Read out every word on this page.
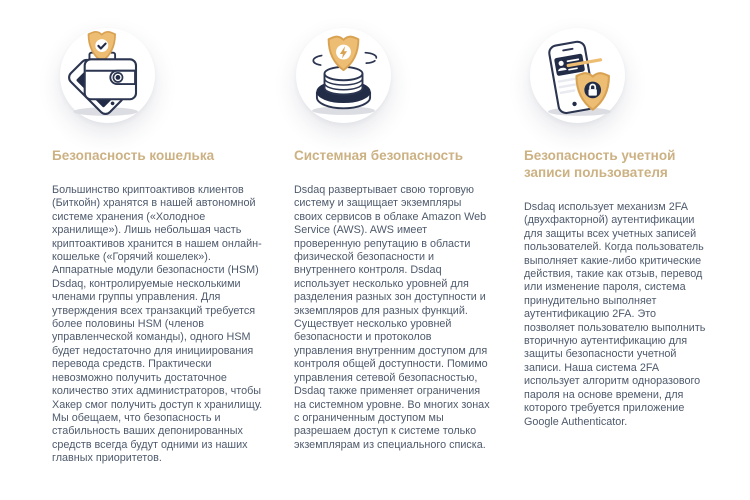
Безопасность кошелька

Большинство криптоактивов клиентов (Биткойн) хранятся в нашей автономной системе хранения («Холодное хранилище»). Лишь небольшая часть криптоактивов хранится в нашем онлайн-кошельке («Горячий кошелек»). Аппаратные модули безопасности (HSM) Dsdaq, контролируемые несколькими членами группы управления. Для утверждения всех транзакций требуется более половины HSM (членов управленческой команды), одного HSM будет недостаточно для инициирования перевода средств. Практически невозможно получить достаточное количество этих администраторов, чтобы Хакер смог получить доступ к хранилищу. Мы обещаем, что безопасность и стабильность ваших депонированных средств всегда будут одними из наших главных приоритетов.

Системная безопасность

Dsdaq развертывает свою торговую систему и защищает экземпляры своих сервисов в облаке Amazon Web Service (AWS). AWS имеет проверенную репутацию в области физической безопасности и внутреннего контроля. Dsdaq использует несколько уровней для разделения разных зон доступности и экземпляров для разных функций. Существует несколько уровней безопасности и протоколов управления внутренним доступом для контроля общей доступности. Помимо управления сетевой безопасностью, Dsdaq также применяет ограничения на системном уровне. Во многих зонах с ограниченным доступом мы разрешаем доступ к системе только экземплярам из специального списка.

Безопасность учетной записи пользователя

Dsdaq использует механизм 2FA (двухфакторной) аутентификации для защиты всех учетных записей пользователей. Когда пользователь выполняет какие-либо критические действия, такие как отзыв, перевод или изменение пароля, система принудительно выполняет аутентификацию 2FA. Это позволяет пользователю выполнить вторичную аутентификацию для защиты безопасности учетной записи. Наша система 2FA использует алгоритм одноразового пароля на основе времени, для которого требуется приложение Google Authenticator.
